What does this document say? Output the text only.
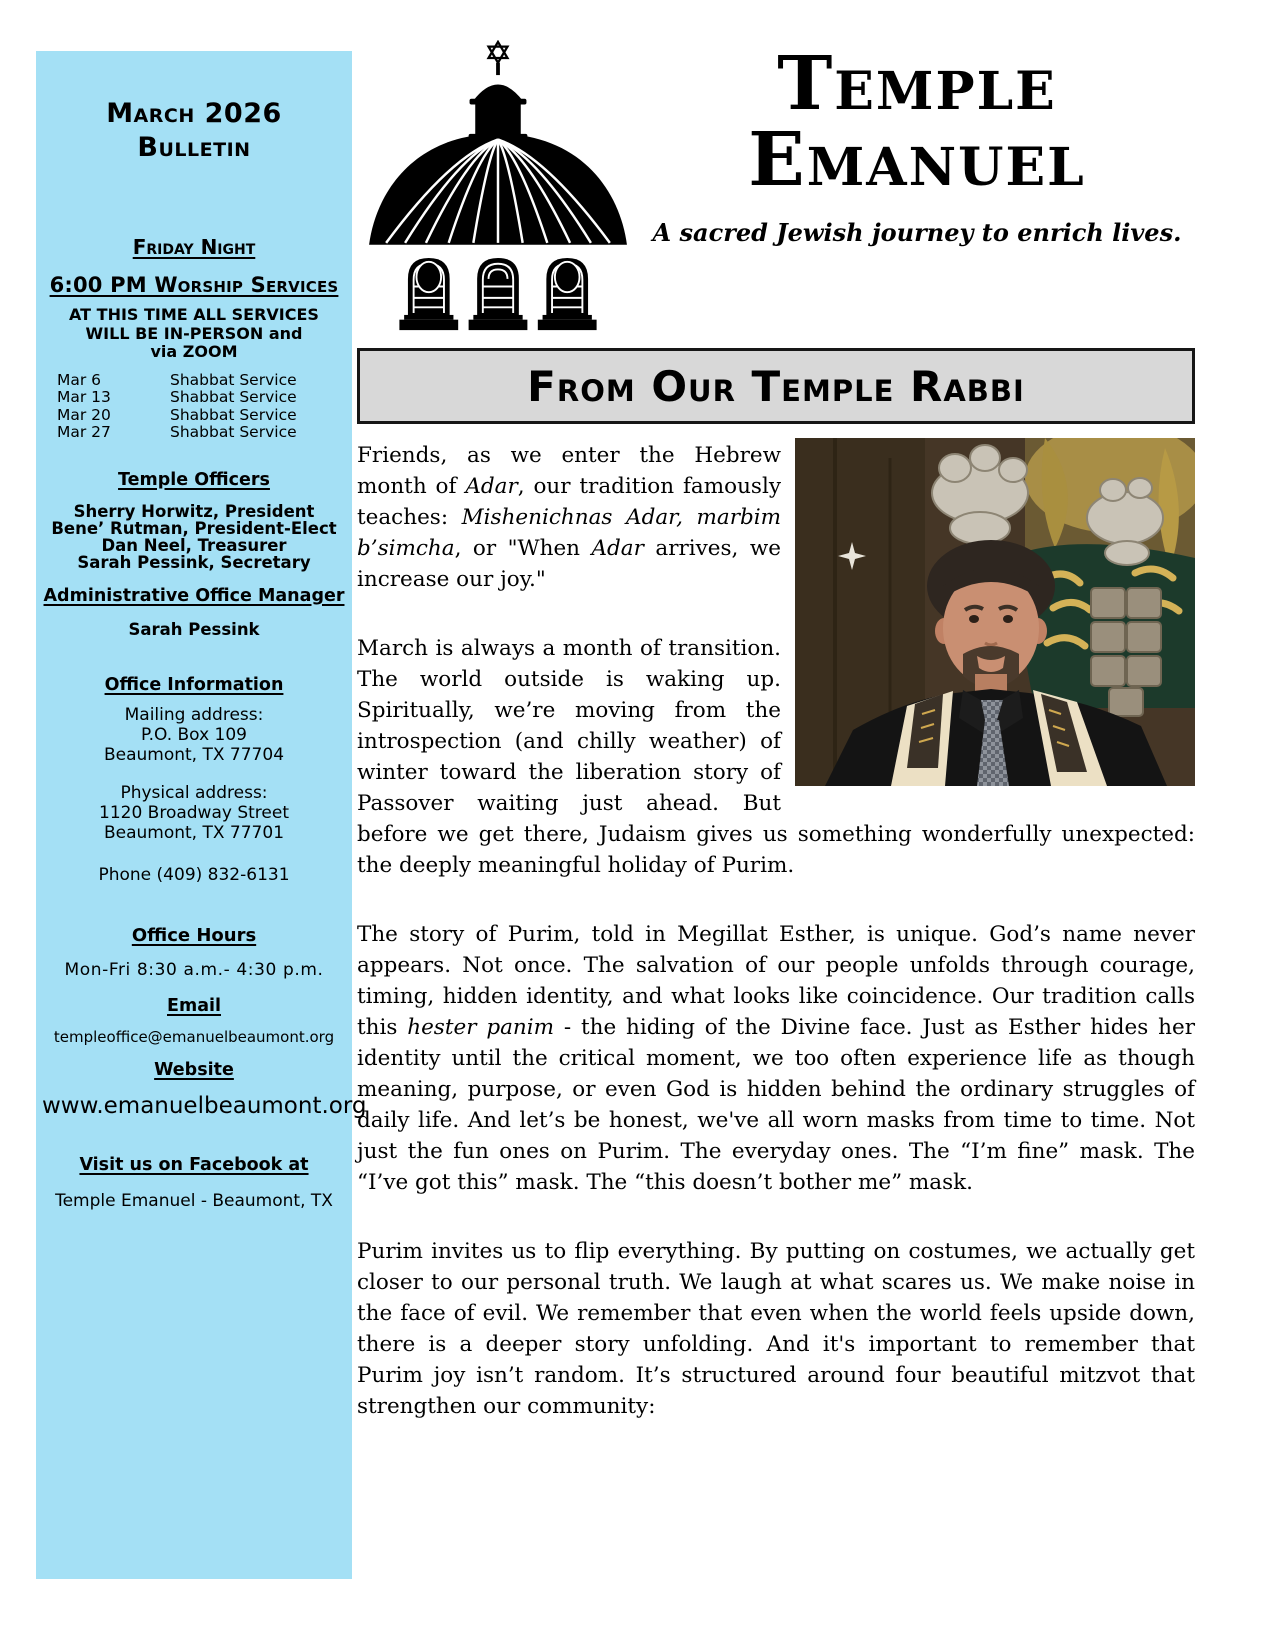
March 2026
Bulletin
Friday Night
6:00 PM Worship Services
AT THIS TIME ALL SERVICES
WILL BE IN-PERSON and
via ZOOM
Mar 6	Shabbat Service
Mar 13	Shabbat Service
Mar 20	Shabbat Service
Mar 27	Shabbat Service
Temple Officers
Sherry Horwitz, President
Bene’ Rutman, President-Elect
Dan Neel, Treasurer
Sarah Pessink, Secretary
Administrative Office Manager
Sarah Pessink
Office Information
Mailing address:
P.O. Box 109
Beaumont, TX 77704
Physical address:
1120 Broadway Street
Beaumont, TX 77701
Phone (409) 832-6131
Office Hours
Mon-Fri 8:30 a.m.- 4:30 p.m.
Email
templeoffice@emanuelbeaumont.org
Website
www.emanuelbeaumont.org
Visit us on Facebook at
Temple Emanuel - Beaumont, TX
Temple
Emanuel
A sacred Jewish journey to enrich lives.
From Our Temple Rabbi

Friends, as we enter the Hebrew month of Adar, our tradition famously teaches: Mishenichnas Adar, marbim b’simcha, or "When Adar arrives, we increase our joy."

March is always a month of transition. The world outside is waking up. Spiritually, we’re moving from the introspection (and chilly weather) of winter toward the liberation story of Passover waiting just ahead. But before we get there, Judaism gives us something wonderfully unexpected: the deeply meaningful holiday of Purim.

The story of Purim, told in Megillat Esther, is unique. God’s name never appears. Not once. The salvation of our people unfolds through courage, timing, hidden identity, and what looks like coincidence. Our tradition calls this hester panim - the hiding of the Divine face. Just as Esther hides her identity until the critical moment, we too often experience life as though meaning, purpose, or even God is hidden behind the ordinary struggles of daily life. And let’s be honest, we've all worn masks from time to time. Not just the fun ones on Purim. The everyday ones. The “I’m fine” mask. The “I’ve got this” mask. The “this doesn’t bother me” mask.

Purim invites us to flip everything. By putting on costumes, we actually get closer to our personal truth. We laugh at what scares us. We make noise in the face of evil. We remember that even when the world feels upside down, there is a deeper story unfolding. And it's important to remember that Purim joy isn’t random. It’s structured around four beautiful mitzvot that strengthen our community:
